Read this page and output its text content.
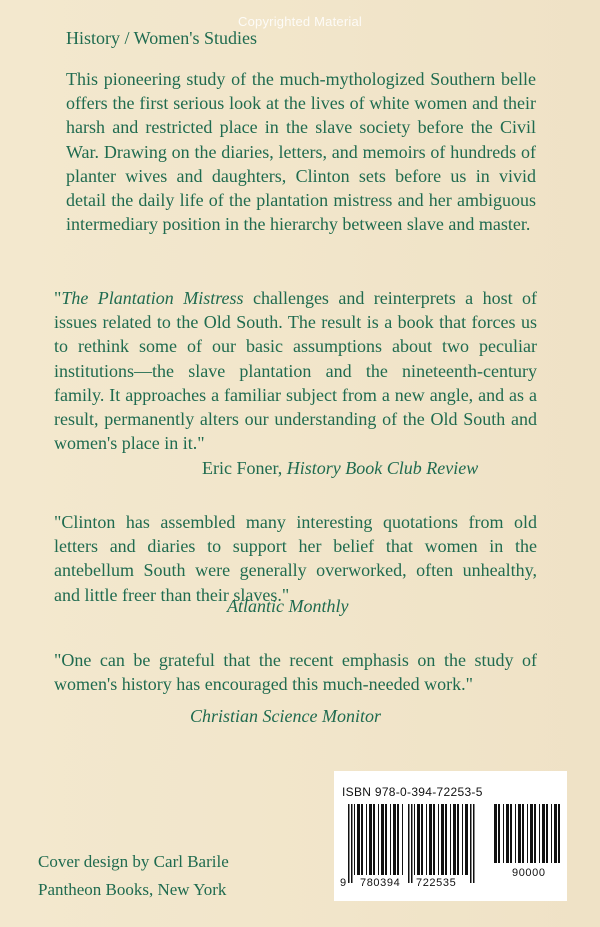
Copyrighted Material
History / Women's Studies

This pioneering study of the much-mythologized Southern belle offers the first serious look at the lives of white women and their harsh and restricted place in the slave society before the Civil War. Drawing on the diaries, letters, and memoirs of hundreds of planter wives and daughters, Clinton sets before us in vivid detail the daily life of the plantation mistress and her ambiguous intermediary position in the hierarchy between slave and master.

"The Plantation Mistress challenges and reinterprets a host of issues related to the Old South. The result is a book that forces us to rethink some of our basic assumptions about two peculiar institutions—the slave plantation and the nineteenth-century family. It approaches a familiar subject from a new angle, and as a result, permanently alters our understanding of the Old South and women's place in it."

Eric Foner, History Book Club Review

"Clinton has assembled many interesting quotations from old letters and diaries to support her belief that women in the antebellum South were generally overworked, often unhealthy, and little freer than their slaves."

Atlantic Monthly

"One can be grateful that the recent emphasis on the study of women's history has encouraged this much-needed work."

Christian Science Monitor
Cover design by Carl Barile
Pantheon Books, New York
ISBN 978-0-394-72253-5
9 780394 722535
90000
